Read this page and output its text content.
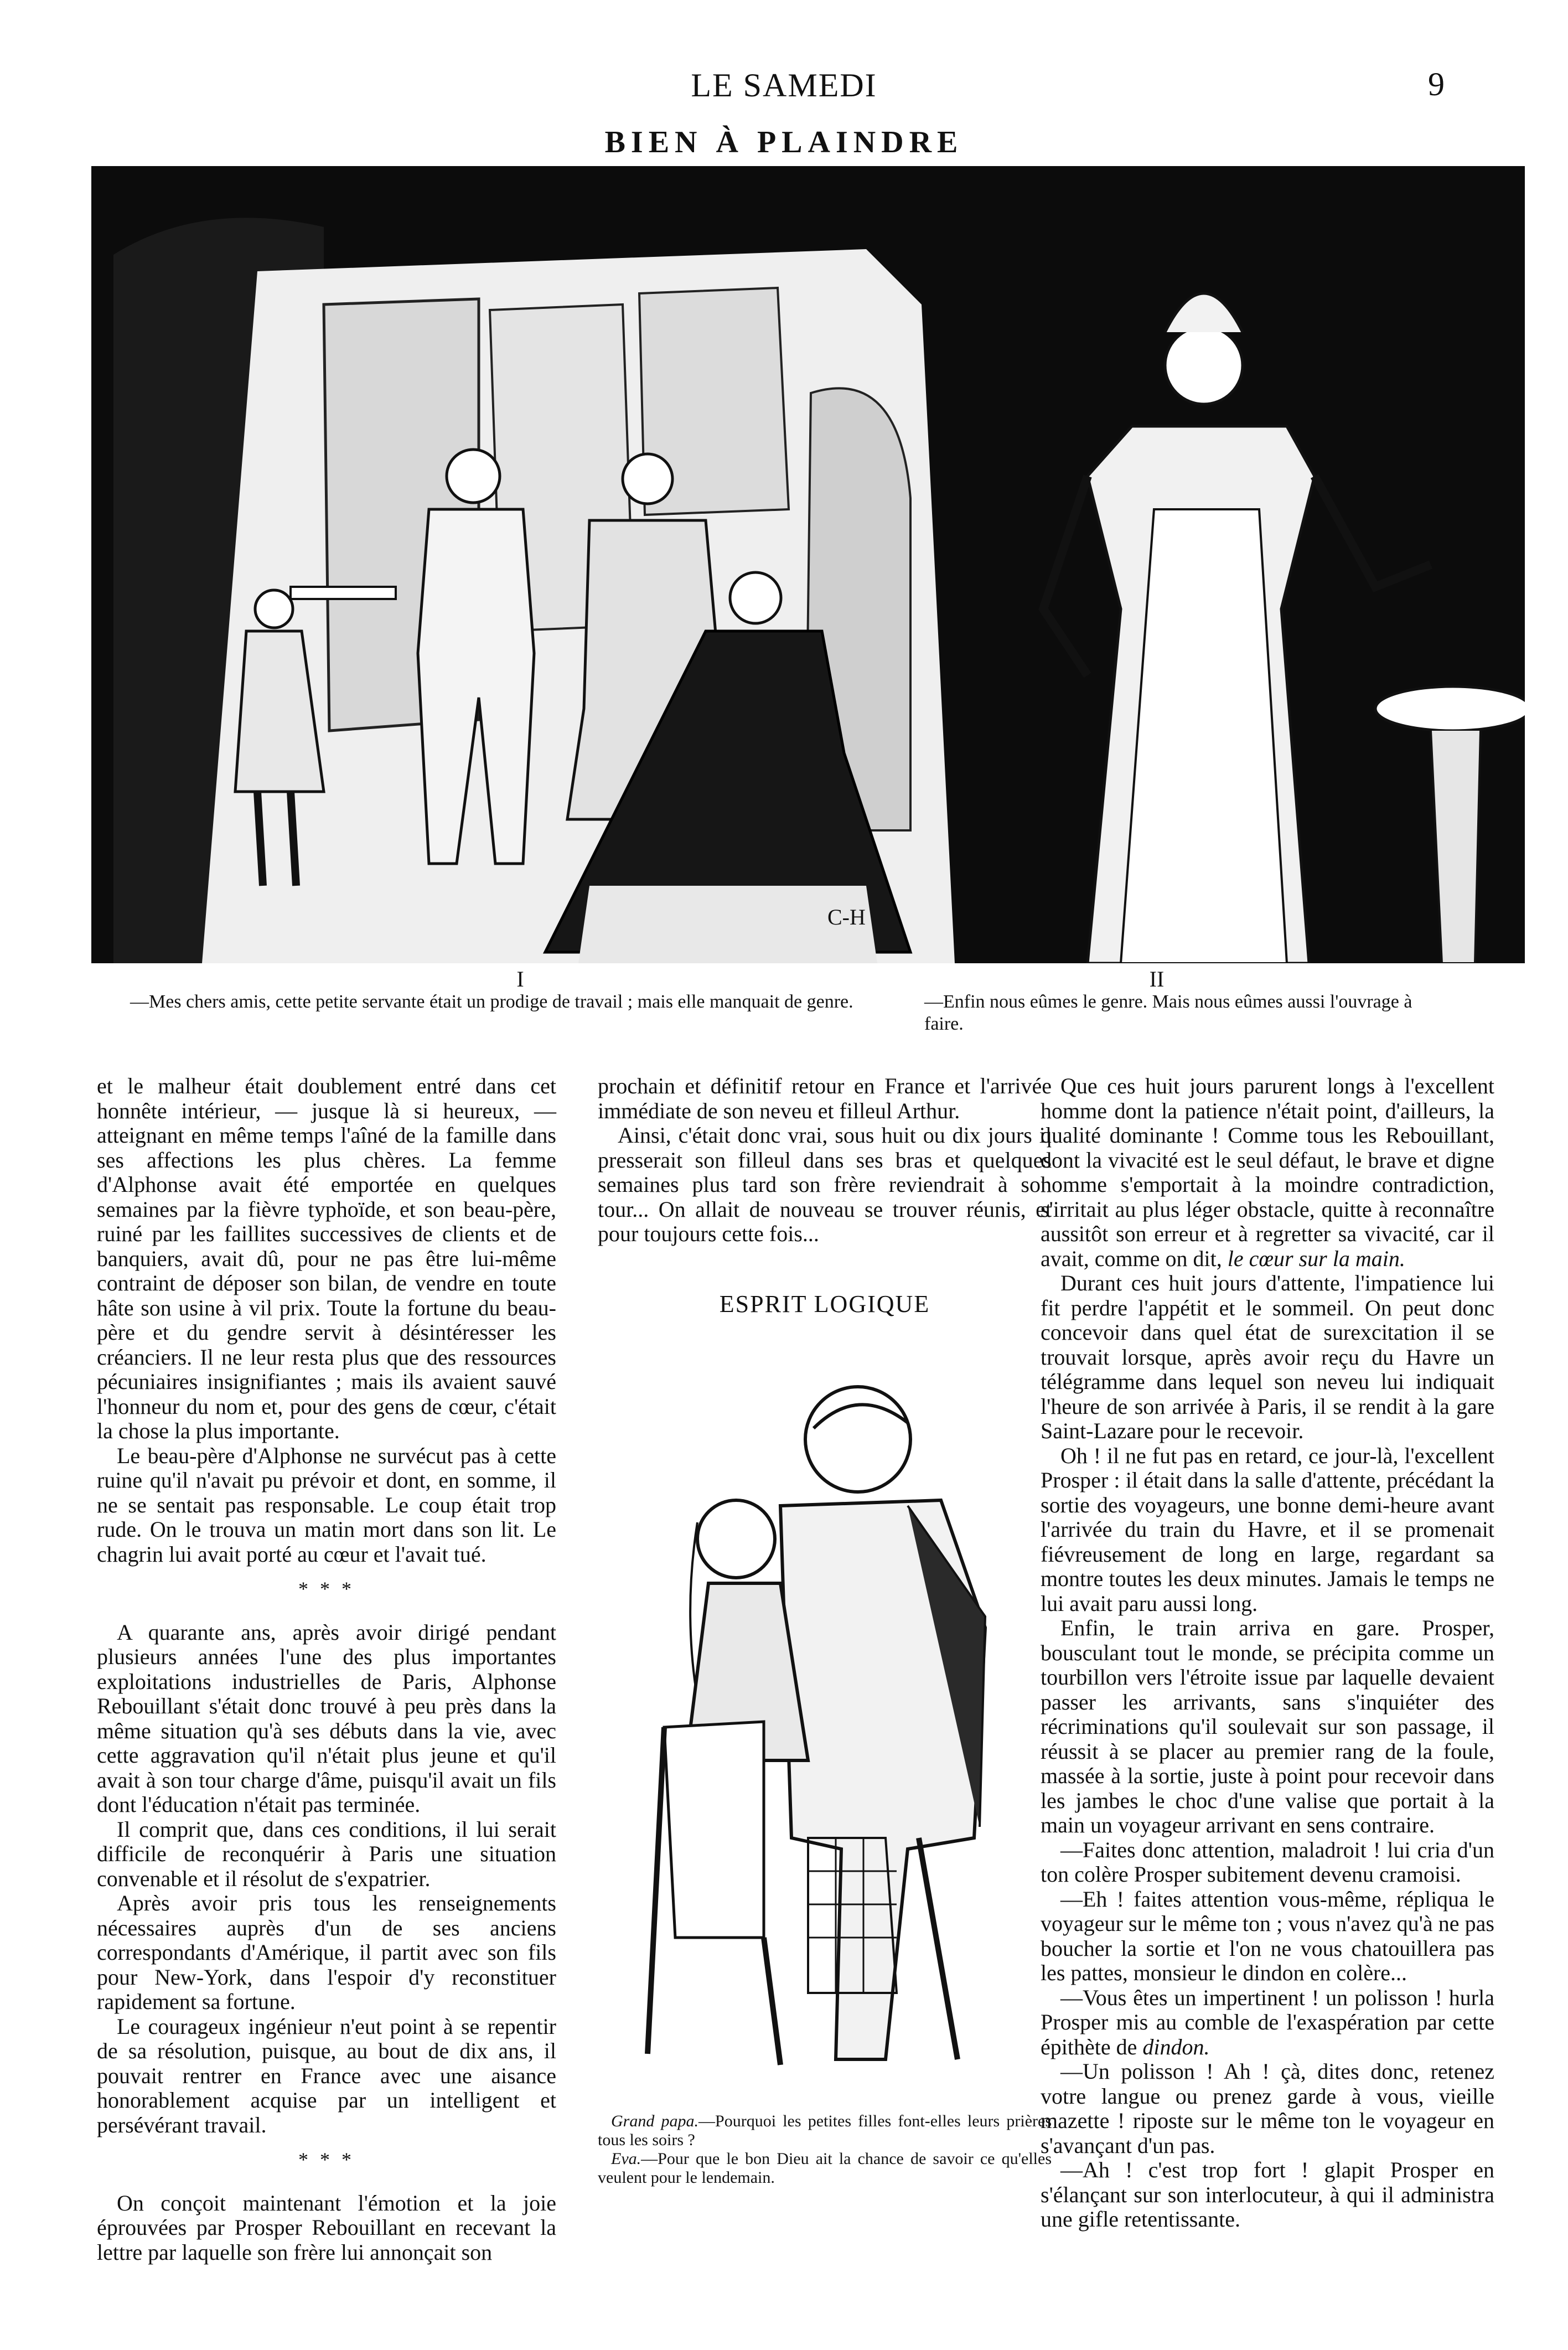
LE SAMEDI	9
BIEN À PLAINDRE
C-H
I
—Mes chers amis, cette petite servante était un prodige de travail ; mais elle manquait de genre.
II
—Enfin nous eûmes le genre. Mais nous eûmes aussi l'ouvrage à faire.

et le malheur était doublement entré dans cet honnête intérieur, — jusque là si heureux, — atteignant en même temps l'aîné de la famille dans ses affections les plus chères. La femme d'Alphonse avait été emportée en quelques semaines par la fièvre typhoïde, et son beau-père, ruiné par les faillites successives de clients et de banquiers, avait dû, pour ne pas être lui-même contraint de déposer son bilan, de vendre en toute hâte son usine à vil prix. Toute la fortune du beau-père et du gendre servit à désintéresser les créanciers. Il ne leur resta plus que des ressources pécuniaires insignifiantes ; mais ils avaient sauvé l'honneur du nom et, pour des gens de cœur, c'était la chose la plus importante.

Le beau-père d'Alphonse ne survécut pas à cette ruine qu'il n'avait pu prévoir et dont, en somme, il ne se sentait pas responsable. Le coup était trop rude. On le trouva un matin mort dans son lit. Le chagrin lui avait porté au cœur et l'avait tué.

* * *

A quarante ans, après avoir dirigé pendant plusieurs années l'une des plus importantes exploitations industrielles de Paris, Alphonse Rebouillant s'était donc trouvé à peu près dans la même situation qu'à ses débuts dans la vie, avec cette aggravation qu'il n'était plus jeune et qu'il avait à son tour charge d'âme, puisqu'il avait un fils dont l'éducation n'était pas terminée.

Il comprit que, dans ces conditions, il lui serait difficile de reconquérir à Paris une situation convenable et il résolut de s'expatrier.

Après avoir pris tous les renseignements nécessaires auprès d'un de ses anciens correspondants d'Amérique, il partit avec son fils pour New-York, dans l'espoir d'y reconstituer rapidement sa fortune.

Le courageux ingénieur n'eut point à se repentir de sa résolution, puisque, au bout de dix ans, il pouvait rentrer en France avec une aisance honorablement acquise par un intelligent et persévérant travail.

* * *

On conçoit maintenant l'émotion et la joie éprouvées par Prosper Rebouillant en recevant la lettre par laquelle son frère lui annonçait son

prochain et définitif retour en France et l'arrivée immédiate de son neveu et filleul Arthur.

Ainsi, c'était donc vrai, sous huit ou dix jours il presserait son filleul dans ses bras et quelques semaines plus tard son frère reviendrait à son tour... On allait de nouveau se trouver réunis, et pour toujours cette fois...

ESPRIT LOGIQUE

Grand papa.—Pourquoi les petites filles font-elles leurs prières tous les soirs ?

Eva.—Pour que le bon Dieu ait la chance de savoir ce qu'elles veulent pour le lendemain.

Que ces huit jours parurent longs à l'excellent homme dont la patience n'était point, d'ailleurs, la qualité dominante ! Comme tous les Rebouillant, dont la vivacité est le seul défaut, le brave et digne homme s'emportait à la moindre contradiction, s'irritait au plus léger obstacle, quitte à reconnaître aussitôt son erreur et à regretter sa vivacité, car il avait, comme on dit, le cœur sur la main.

Durant ces huit jours d'attente, l'impatience lui fit perdre l'appétit et le sommeil. On peut donc concevoir dans quel état de surexcitation il se trouvait lorsque, après avoir reçu du Havre un télégramme dans lequel son neveu lui indiquait l'heure de son arrivée à Paris, il se rendit à la gare Saint-Lazare pour le recevoir.

Oh ! il ne fut pas en retard, ce jour-là, l'excellent Prosper : il était dans la salle d'attente, précédant la sortie des voyageurs, une bonne demi-heure avant l'arrivée du train du Havre, et il se promenait fiévreusement de long en large, regardant sa montre toutes les deux minutes. Jamais le temps ne lui avait paru aussi long.

Enfin, le train arriva en gare. Prosper, bousculant tout le monde, se précipita comme un tourbillon vers l'étroite issue par laquelle devaient passer les arrivants, sans s'inquiéter des récriminations qu'il soulevait sur son passage, il réussit à se placer au premier rang de la foule, massée à la sortie, juste à point pour recevoir dans les jambes le choc d'une valise que portait à la main un voyageur arrivant en sens contraire.

—Faites donc attention, maladroit ! lui cria d'un ton colère Prosper subitement devenu cramoisi.

—Eh ! faites attention vous-même, répliqua le voyageur sur le même ton ; vous n'avez qu'à ne pas boucher la sortie et l'on ne vous chatouillera pas les pattes, monsieur le dindon en colère...

—Vous êtes un impertinent ! un polisson ! hurla Prosper mis au comble de l'exaspération par cette épithète de dindon.

—Un polisson ! Ah ! çà, dites donc, retenez votre langue ou prenez garde à vous, vieille mazette ! riposte sur le même ton le voyageur en s'avançant d'un pas.

—Ah ! c'est trop fort ! glapit Prosper en s'élançant sur son interlocuteur, à qui il administra une gifle retentissante.
